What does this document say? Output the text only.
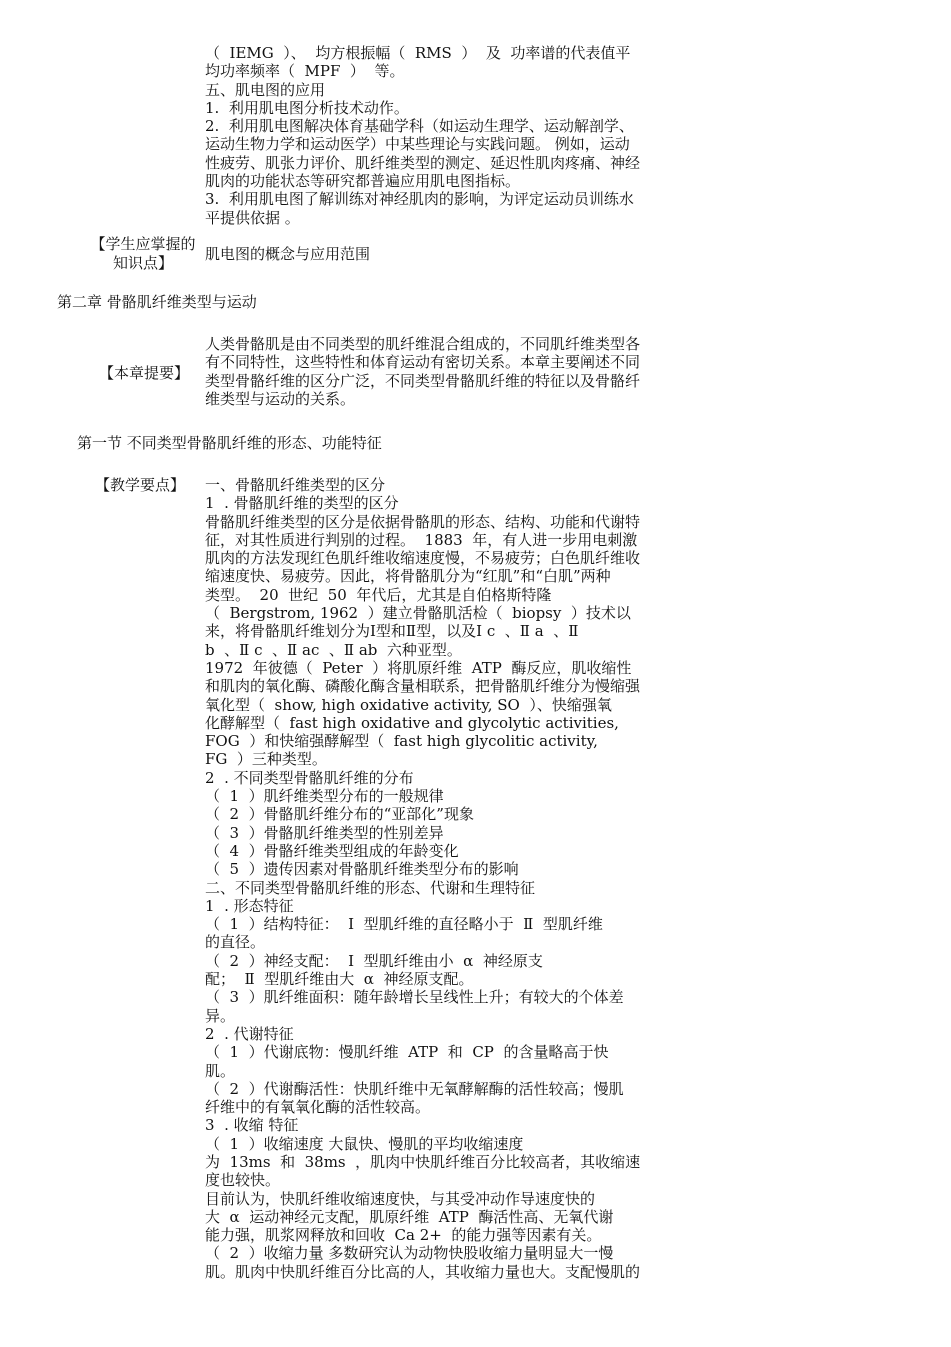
（  IEMG  ）、  均方根振幅（  RMS  ）  及  功率谱的代表值平
均功率频率（  MPF  ）  等。
五、肌电图的应用
1.  利用肌电图分析技术动作。
2.  利用肌电图解决体育基础学科（如运动生理学、运动解剖学、
运动生物力学和运动医学）中某些理论与实践问题。 例如，运动
性疲劳、肌张力评价、肌纤维类型的测定、延迟性肌肉疼痛、神经
肌肉的功能状态等研究都普遍应用肌电图指标。
3.  利用肌电图了解训练对神经肌肉的影响，为评定运动员训练水
平提供依据 。
【学生应掌握的
知识点】	肌电图的概念与应用范围
第二章 骨骼肌纤维类型与运动
【本章提要】
人类骨骼肌是由不同类型的肌纤维混合组成的，不同肌纤维类型各
有不同特性，这些特性和体育运动有密切关系。本章主要阐述不同
类型骨骼纤维的区分广泛，不同类型骨骼肌纤维的特征以及骨骼纤
维类型与运动的关系。
第一节 不同类型骨骼肌纤维的形态、功能特征
【教学要点】	一、骨骼肌纤维类型的区分
1  . 骨骼肌纤维的类型的区分
骨骼肌纤维类型的区分是依据骨骼肌的形态、结构、功能和代谢特
征，对其性质进行判别的过程。  1883  年，有人进一步用电刺激
肌肉的方法发现红色肌纤维收缩速度慢，不易疲劳；白色肌纤维收
缩速度快、易疲劳。因此，将骨骼肌分为“红肌”和“白肌”两种
类型。  20  世纪  50  年代后，尤其是自伯格斯特隆
（  Bergstrom, 1962  ）建立骨骼肌活检（  biopsy  ）技术以
来，将骨骼肌纤维划分为Ⅰ型和Ⅱ型，以及Ⅰ c  、Ⅱ a  、Ⅱ
b  、Ⅱ c  、Ⅱ ac  、Ⅱ ab  六种亚型。
1972  年彼德（  Peter  ）将肌原纤维  ATP  酶反应，肌收缩性
和肌肉的氧化酶、磷酸化酶含量相联系，把骨骼肌纤维分为慢缩强
氧化型（  show, high oxidative activity, SO  ）、快缩强氧
化酵解型（  fast high oxidative and glycolytic activities,
FOG  ）和快缩强酵解型（  fast high glycolitic activity,
FG  ）三种类型。
2  . 不同类型骨骼肌纤维的分布
（  1  ）肌纤维类型分布的一般规律
（  2  ）骨骼肌纤维分布的“亚部化”现象
（  3  ）骨骼肌纤维类型的性别差异
（  4  ）骨骼纤维类型组成的年龄变化
（  5  ）遗传因素对骨骼肌纤维类型分布的影响
二、不同类型骨骼肌纤维的形态、代谢和生理特征
1  . 形态特征
（  1  ）结构特征：  Ⅰ  型肌纤维的直径略小于  Ⅱ  型肌纤维
的直径。
（  2  ）神经支配：  Ⅰ  型肌纤维由小  α  神经原支
配；  Ⅱ  型肌纤维由大  α  神经原支配。
（  3  ）肌纤维面积：随年龄增长呈线性上升；有较大的个体差
异。
2  . 代谢特征
（  1  ）代谢底物：慢肌纤维  ATP  和  CP  的含量略高于快
肌。
（  2  ）代谢酶活性：快肌纤维中无氧酵解酶的活性较高；慢肌
纤维中的有氧氧化酶的活性较高。
3  . 收缩 特征
（  1  ）收缩速度 大鼠快、慢肌的平均收缩速度
为  13ms  和  38ms  ，肌肉中快肌纤维百分比较高者，其收缩速
度也较快。
目前认为，快肌纤维收缩速度快，与其受冲动作导速度快的
大  α  运动神经元支配，肌原纤维  ATP  酶活性高、无氧代谢
能力强，肌浆网释放和回收  Ca 2+  的能力强等因素有关。
（  2  ）收缩力量 多数研究认为动物快股收缩力量明显大一慢
肌。肌肉中快肌纤维百分比高的人，其收缩力量也大。支配慢肌的
